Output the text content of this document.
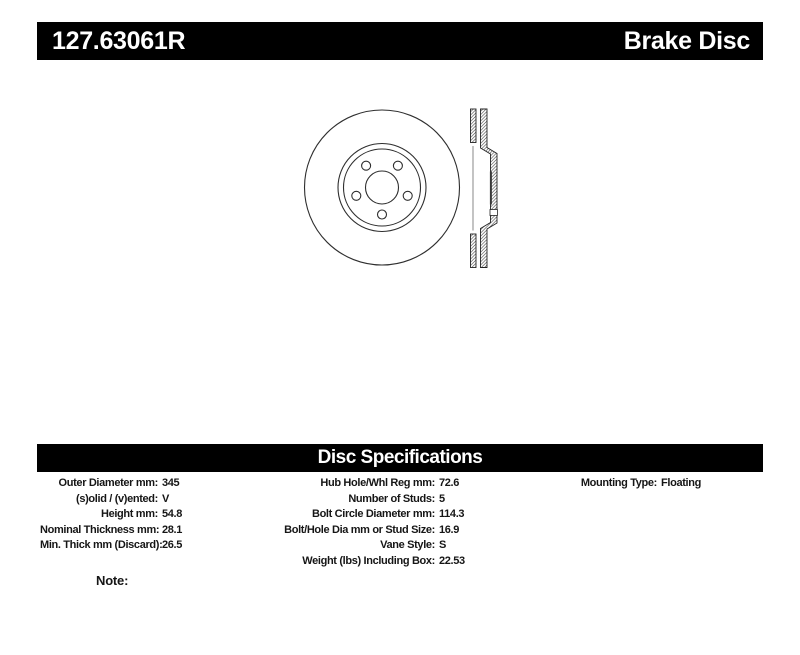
127.63061R	Brake Disc
Disc Specifications
Outer Diameter mm: 345
(s)olid / (v)ented: V
Height mm: 54.8
Nominal Thickness mm: 28.1
Min. Thick mm (Discard): 26.5
Hub Hole/Whl Reg mm: 72.6
Number of Studs: 5
Bolt Circle Diameter mm: 114.3
Bolt/Hole Dia mm or Stud Size: 16.9
Vane Style: S
Weight (lbs) Including Box: 22.53
Mounting Type: Floating
Note:
